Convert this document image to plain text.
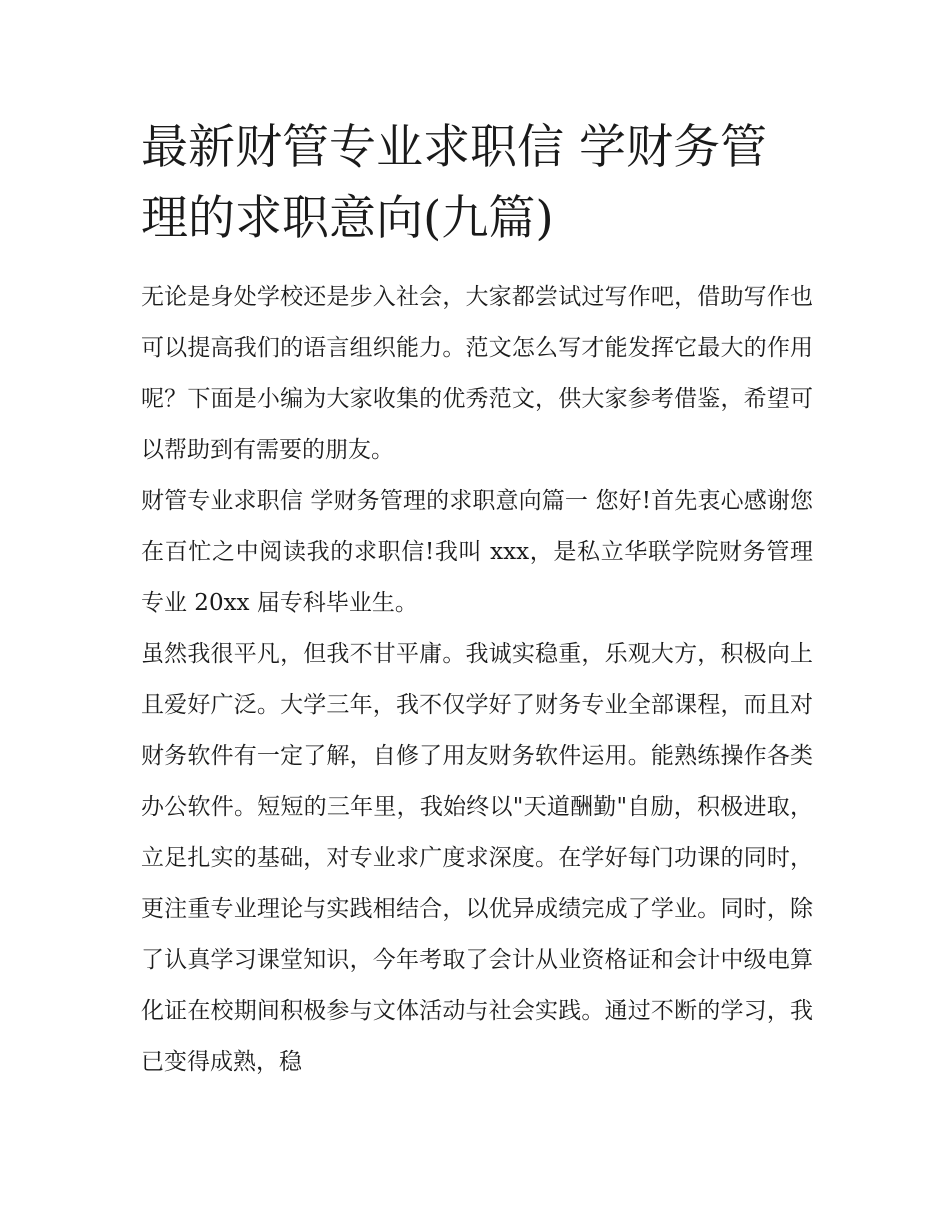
最新财管专业求职信 学财务管理的求职意向(九篇)

无论是身处学校还是步入社会，大家都尝试过写作吧，借助写作也可以提高我们的语言组织能力。范文怎么写才能发挥它最大的作用呢？下面是小编为大家收集的优秀范文，供大家参考借鉴，希望可以帮助到有需要的朋友。

财管专业求职信 学财务管理的求职意向篇一 您好!首先衷心感谢您在百忙之中阅读我的求职信!我叫 xxx，是私立华联学院财务管理专业 20xx 届专科毕业生。

虽然我很平凡，但我不甘平庸。我诚实稳重，乐观大方，积极向上且爱好广泛。大学三年，我不仅学好了财务专业全部课程，而且对财务软件有一定了解，自修了用友财务软件运用。能熟练操作各类办公软件。短短的三年里，我始终以"天道酬勤"自励，积极进取，立足扎实的基础，对专业求广度求深度。在学好每门功课的同时，更注重专业理论与实践相结合，以优异成绩完成了学业。同时，除了认真学习课堂知识，今年考取了会计从业资格证和会计中级电算化证在校期间积极参与文体活动与社会实践。通过不断的学习，我已变得成熟，稳
